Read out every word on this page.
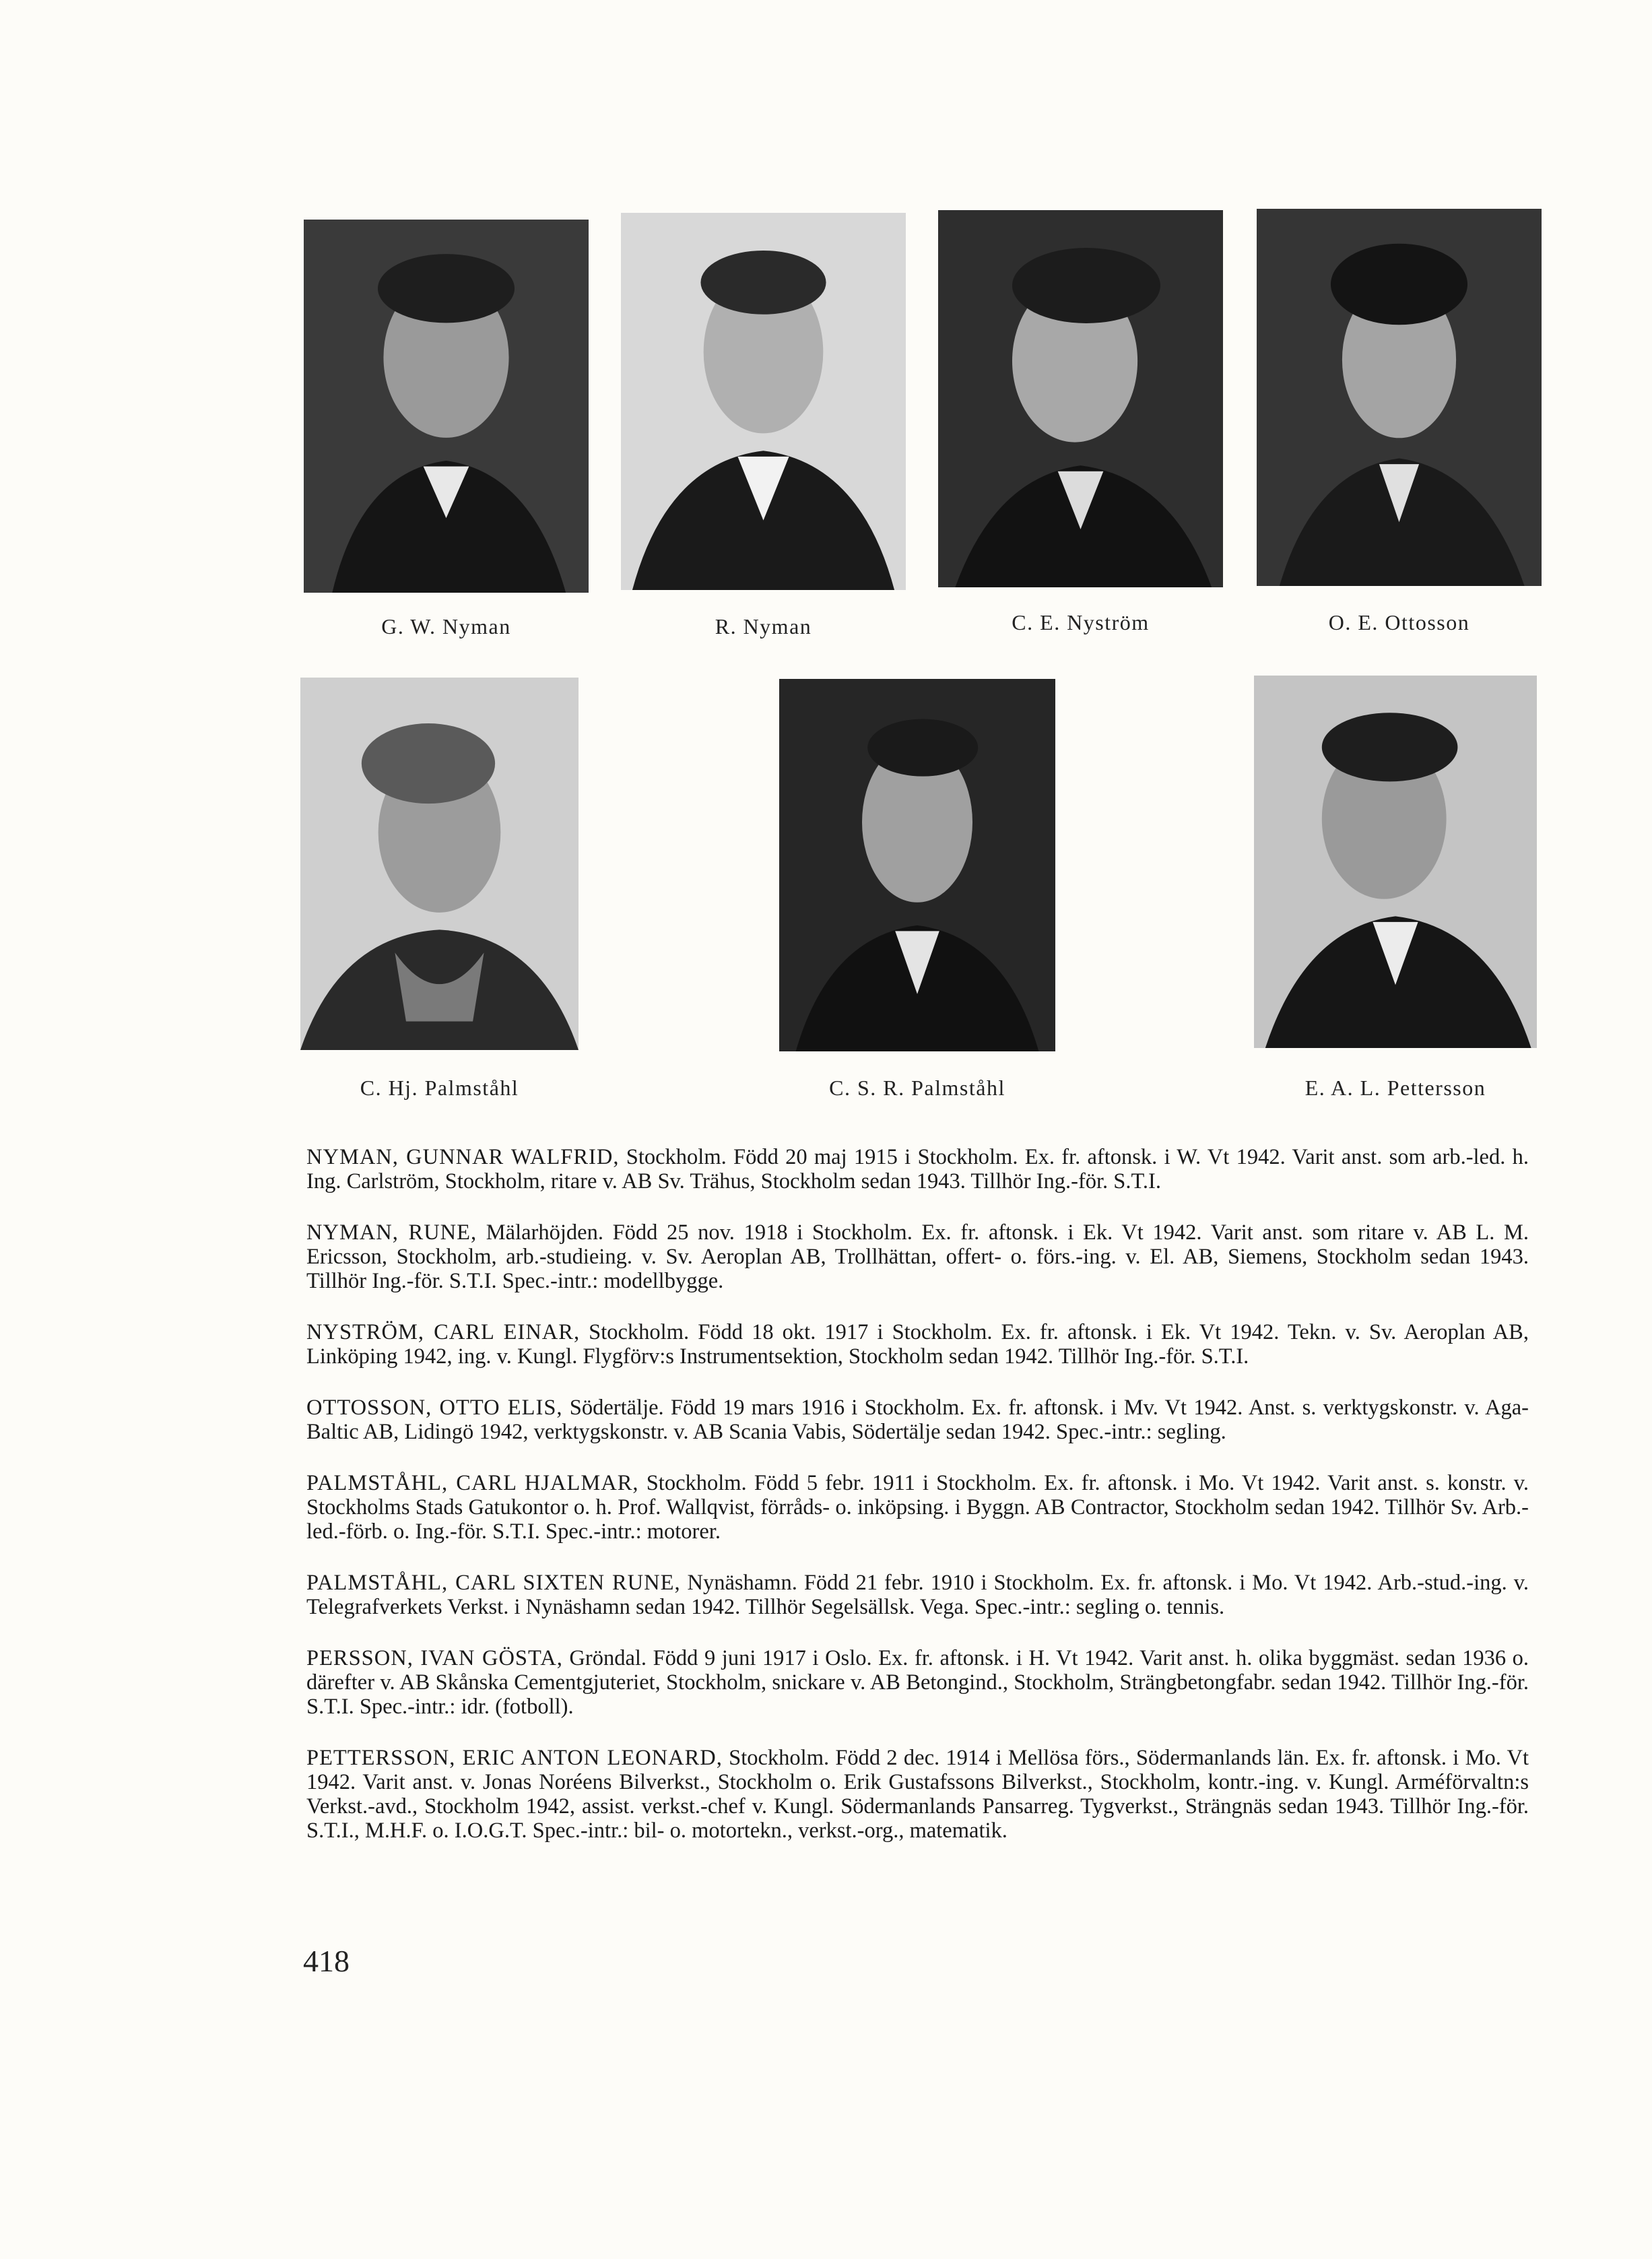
G. W. Nyman	R. Nyman	C. E. Nyström	O. E. Ottosson
C. Hj. Palmståhl	C. S. R. Palmståhl	E. A. L. Pettersson

NYMAN, GUNNAR WALFRID, Stockholm. Född 20 maj 1915 i Stockholm. Ex. fr. aftonsk. i W. Vt 1942. Varit anst. som arb.-led. h. Ing. Carlström, Stockholm, ritare v. AB Sv. Trähus, Stockholm sedan 1943. Tillhör Ing.-för. S.T.I.

NYMAN, RUNE, Mälarhöjden. Född 25 nov. 1918 i Stockholm. Ex. fr. aftonsk. i Ek. Vt 1942. Varit anst. som ritare v. AB L. M. Ericsson, Stockholm, arb.-studieing. v. Sv. Aeroplan AB, Trollhättan, offert- o. förs.-ing. v. El. AB, Siemens, Stockholm sedan 1943. Tillhör Ing.-för. S.T.I. Spec.-intr.: modellbygge.

NYSTRÖM, CARL EINAR, Stockholm. Född 18 okt. 1917 i Stockholm. Ex. fr. aftonsk. i Ek. Vt 1942. Tekn. v. Sv. Aeroplan AB, Linköping 1942, ing. v. Kungl. Flygförv:s Instrumentsektion, Stockholm sedan 1942. Tillhör Ing.-för. S.T.I.

OTTOSSON, OTTO ELIS, Södertälje. Född 19 mars 1916 i Stockholm. Ex. fr. aftonsk. i Mv. Vt 1942. Anst. s. verktygskonstr. v. Aga-Baltic AB, Lidingö 1942, verktygskonstr. v. AB Scania Vabis, Södertälje sedan 1942. Spec.-intr.: segling.

PALMSTÅHL, CARL HJALMAR, Stockholm. Född 5 febr. 1911 i Stockholm. Ex. fr. aftonsk. i Mo. Vt 1942. Varit anst. s. konstr. v. Stockholms Stads Gatukontor o. h. Prof. Wallqvist, förråds- o. inköpsing. i Byggn. AB Contractor, Stockholm sedan 1942. Tillhör Sv. Arb.-led.-förb. o. Ing.-för. S.T.I. Spec.-intr.: motorer.

PALMSTÅHL, CARL SIXTEN RUNE, Nynäshamn. Född 21 febr. 1910 i Stockholm. Ex. fr. aftonsk. i Mo. Vt 1942. Arb.-stud.-ing. v. Telegrafverkets Verkst. i Nynäshamn sedan 1942. Tillhör Segelsällsk. Vega. Spec.-intr.: segling o. tennis.

PERSSON, IVAN GÖSTA, Gröndal. Född 9 juni 1917 i Oslo. Ex. fr. aftonsk. i H. Vt 1942. Varit anst. h. olika byggmäst. sedan 1936 o. därefter v. AB Skånska Cementgjuteriet, Stockholm, snickare v. AB Betongind., Stockholm, Strängbetongfabr. sedan 1942. Tillhör Ing.-för. S.T.I. Spec.-intr.: idr. (fotboll).

PETTERSSON, ERIC ANTON LEONARD, Stockholm. Född 2 dec. 1914 i Mellösa förs., Södermanlands län. Ex. fr. aftonsk. i Mo. Vt 1942. Varit anst. v. Jonas Noréens Bilverkst., Stockholm o. Erik Gustafssons Bilverkst., Stockholm, kontr.-ing. v. Kungl. Arméförvaltn:s Verkst.-avd., Stockholm 1942, assist. verkst.-chef v. Kungl. Södermanlands Pansarreg. Tygverkst., Strängnäs sedan 1943. Tillhör Ing.-för. S.T.I., M.H.F. o. I.O.G.T. Spec.-intr.: bil- o. motortekn., verkst.-org., matematik.

418
